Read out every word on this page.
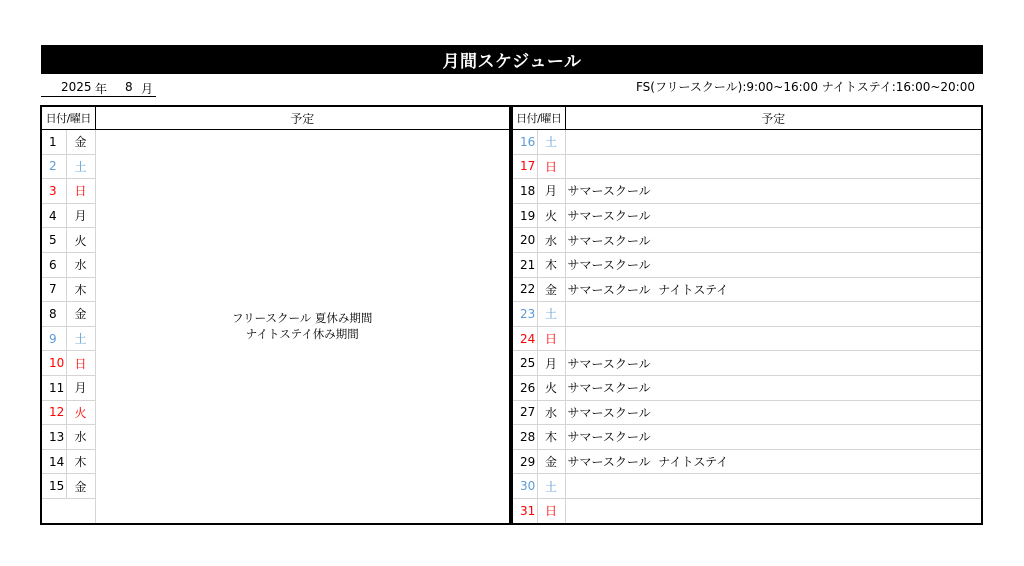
月間スケジュール
2025 年 8 月	FS(フリースクール):9:00~16:00 ナイトステイ:16:00~20:00
日付/曜日		予定
1	金	フリースクール 夏休み期間
ナイトステイ休み期間

2	土	
3	日	
4	月	
5	火	
6	水	
7	木	
8	金	
9	土	
10	日	
11	月	
12	火	
13	水	
14	木	
15	金	

日付/曜日		予定
16	土	
17	日	
18	月	サマースクール
19	火	サマースクール
20	水	サマースクール
21	木	サマースクール
22	金	サマースクール  ナイトステイ
23	土	
24	日	
25	月	サマースクール
26	火	サマースクール
27	水	サマースクール
28	木	サマースクール
29	金	サマースクール  ナイトステイ
30	土	
31	日	
